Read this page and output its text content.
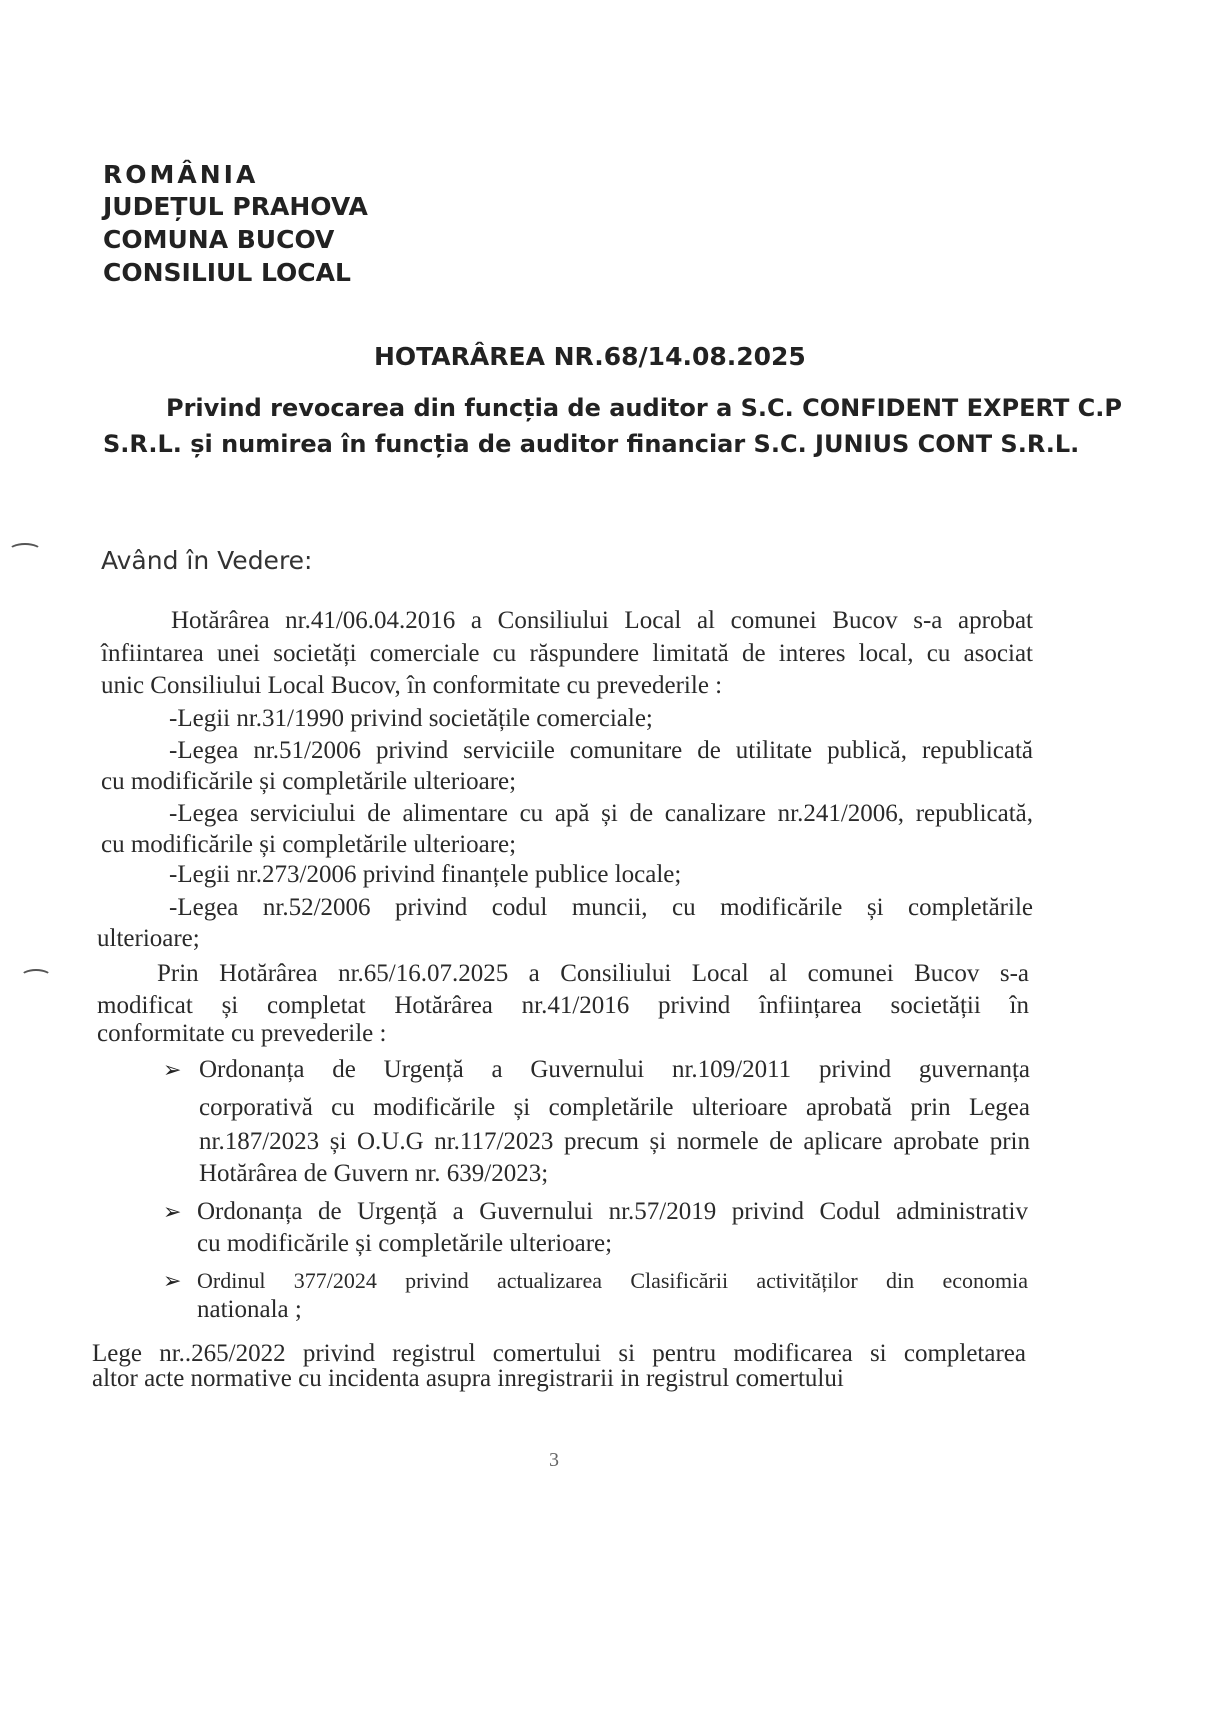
ROMÂNIA
JUDEȚUL PRAHOVA
COMUNA BUCOV
CONSILIUL LOCAL
HOTARÂREA NR.68/14.08.2025
Privind revocarea din funcția de auditor a S.C. CONFIDENT EXPERT C.P
S.R.L. și numirea în funcția de auditor financiar S.C. JUNIUS CONT S.R.L.
Având în Vedere:
Hotărârea nr.41/06.04.2016 a Consiliului Local al comunei Bucov s-a aprobat
înfiintarea unei societăți comerciale cu răspundere limitată de interes local, cu asociat
unic Consiliului Local Bucov, în conformitate cu prevederile :
-Legii nr.31/1990 privind societățile comerciale;
-Legea nr.51/2006 privind serviciile comunitare de utilitate publică, republicată
cu modificările și completările ulterioare;
-Legea serviciului de alimentare cu apă și de canalizare nr.241/2006, republicată,
cu modificările și completările ulterioare;
-Legii nr.273/2006 privind finanțele publice locale;
-Legea nr.52/2006 privind codul muncii, cu modificările și completările
ulterioare;
Prin Hotărârea nr.65/16.07.2025 a Consiliului Local al comunei Bucov s-a
modificat și completat Hotărârea nr.41/2016 privind înființarea societății în
conformitate cu prevederile :
➢ Ordonanța de Urgență a Guvernului nr.109/2011 privind guvernanța
corporativă cu modificările și completările ulterioare aprobată prin Legea
nr.187/2023 și O.U.G nr.117/2023 precum și normele de aplicare aprobate prin
Hotărârea de Guvern nr. 639/2023;
➢ Ordonanța de Urgență a Guvernului nr.57/2019 privind Codul administrativ
cu modificările și completările ulterioare;
➢ Ordinul 377/2024 privind actualizarea Clasificării activităților din economia
nationala ;
Lege nr..265/2022 privind registrul comertului si pentru modificarea si completarea
altor acte normative cu incidenta asupra inregistrarii in registrul comertului
3
